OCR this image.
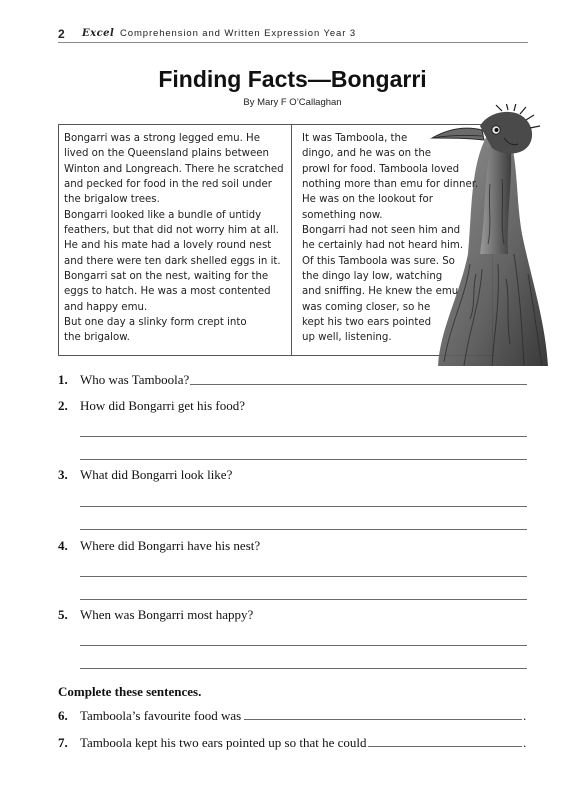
2 Excel Comprehension and Written Expression Year 3
Finding Facts—Bongarri
By Mary F O’Callaghan

Bongarri was a strong legged emu. He
lived on the Queensland plains between
Winton and Longreach. There he scratched
and pecked for food in the red soil under
the brigalow trees.
Bongarri looked like a bundle of untidy
feathers, but that did not worry him at all.
He and his mate had a lovely round nest
and there were ten dark shelled eggs in it.
Bongarri sat on the nest, waiting for the
eggs to hatch. He was a most contented
and happy emu.
But one day a slinky form crept into
the brigalow.

It was Tamboola, the
dingo, and he was on the
prowl for food. Tamboola loved
nothing more than emu for dinner.
He was on the lookout for
something now.
Bongarri had not seen him and
he certainly had not heard him.
Of this Tamboola was sure. So
the dingo lay low, watching
and sniffing. He knew the emu
was coming closer, so he
kept his two ears pointed
up well, listening.

1. Who was Tamboola?
2. How did Bongarri get his food?
3. What did Bongarri look like?
4. Where did Bongarri have his nest?
5. When was Bongarri most happy?
Complete these sentences.
6. Tamboola’s favourite food was	.
7. Tamboola kept his two ears pointed up so that he could	.
